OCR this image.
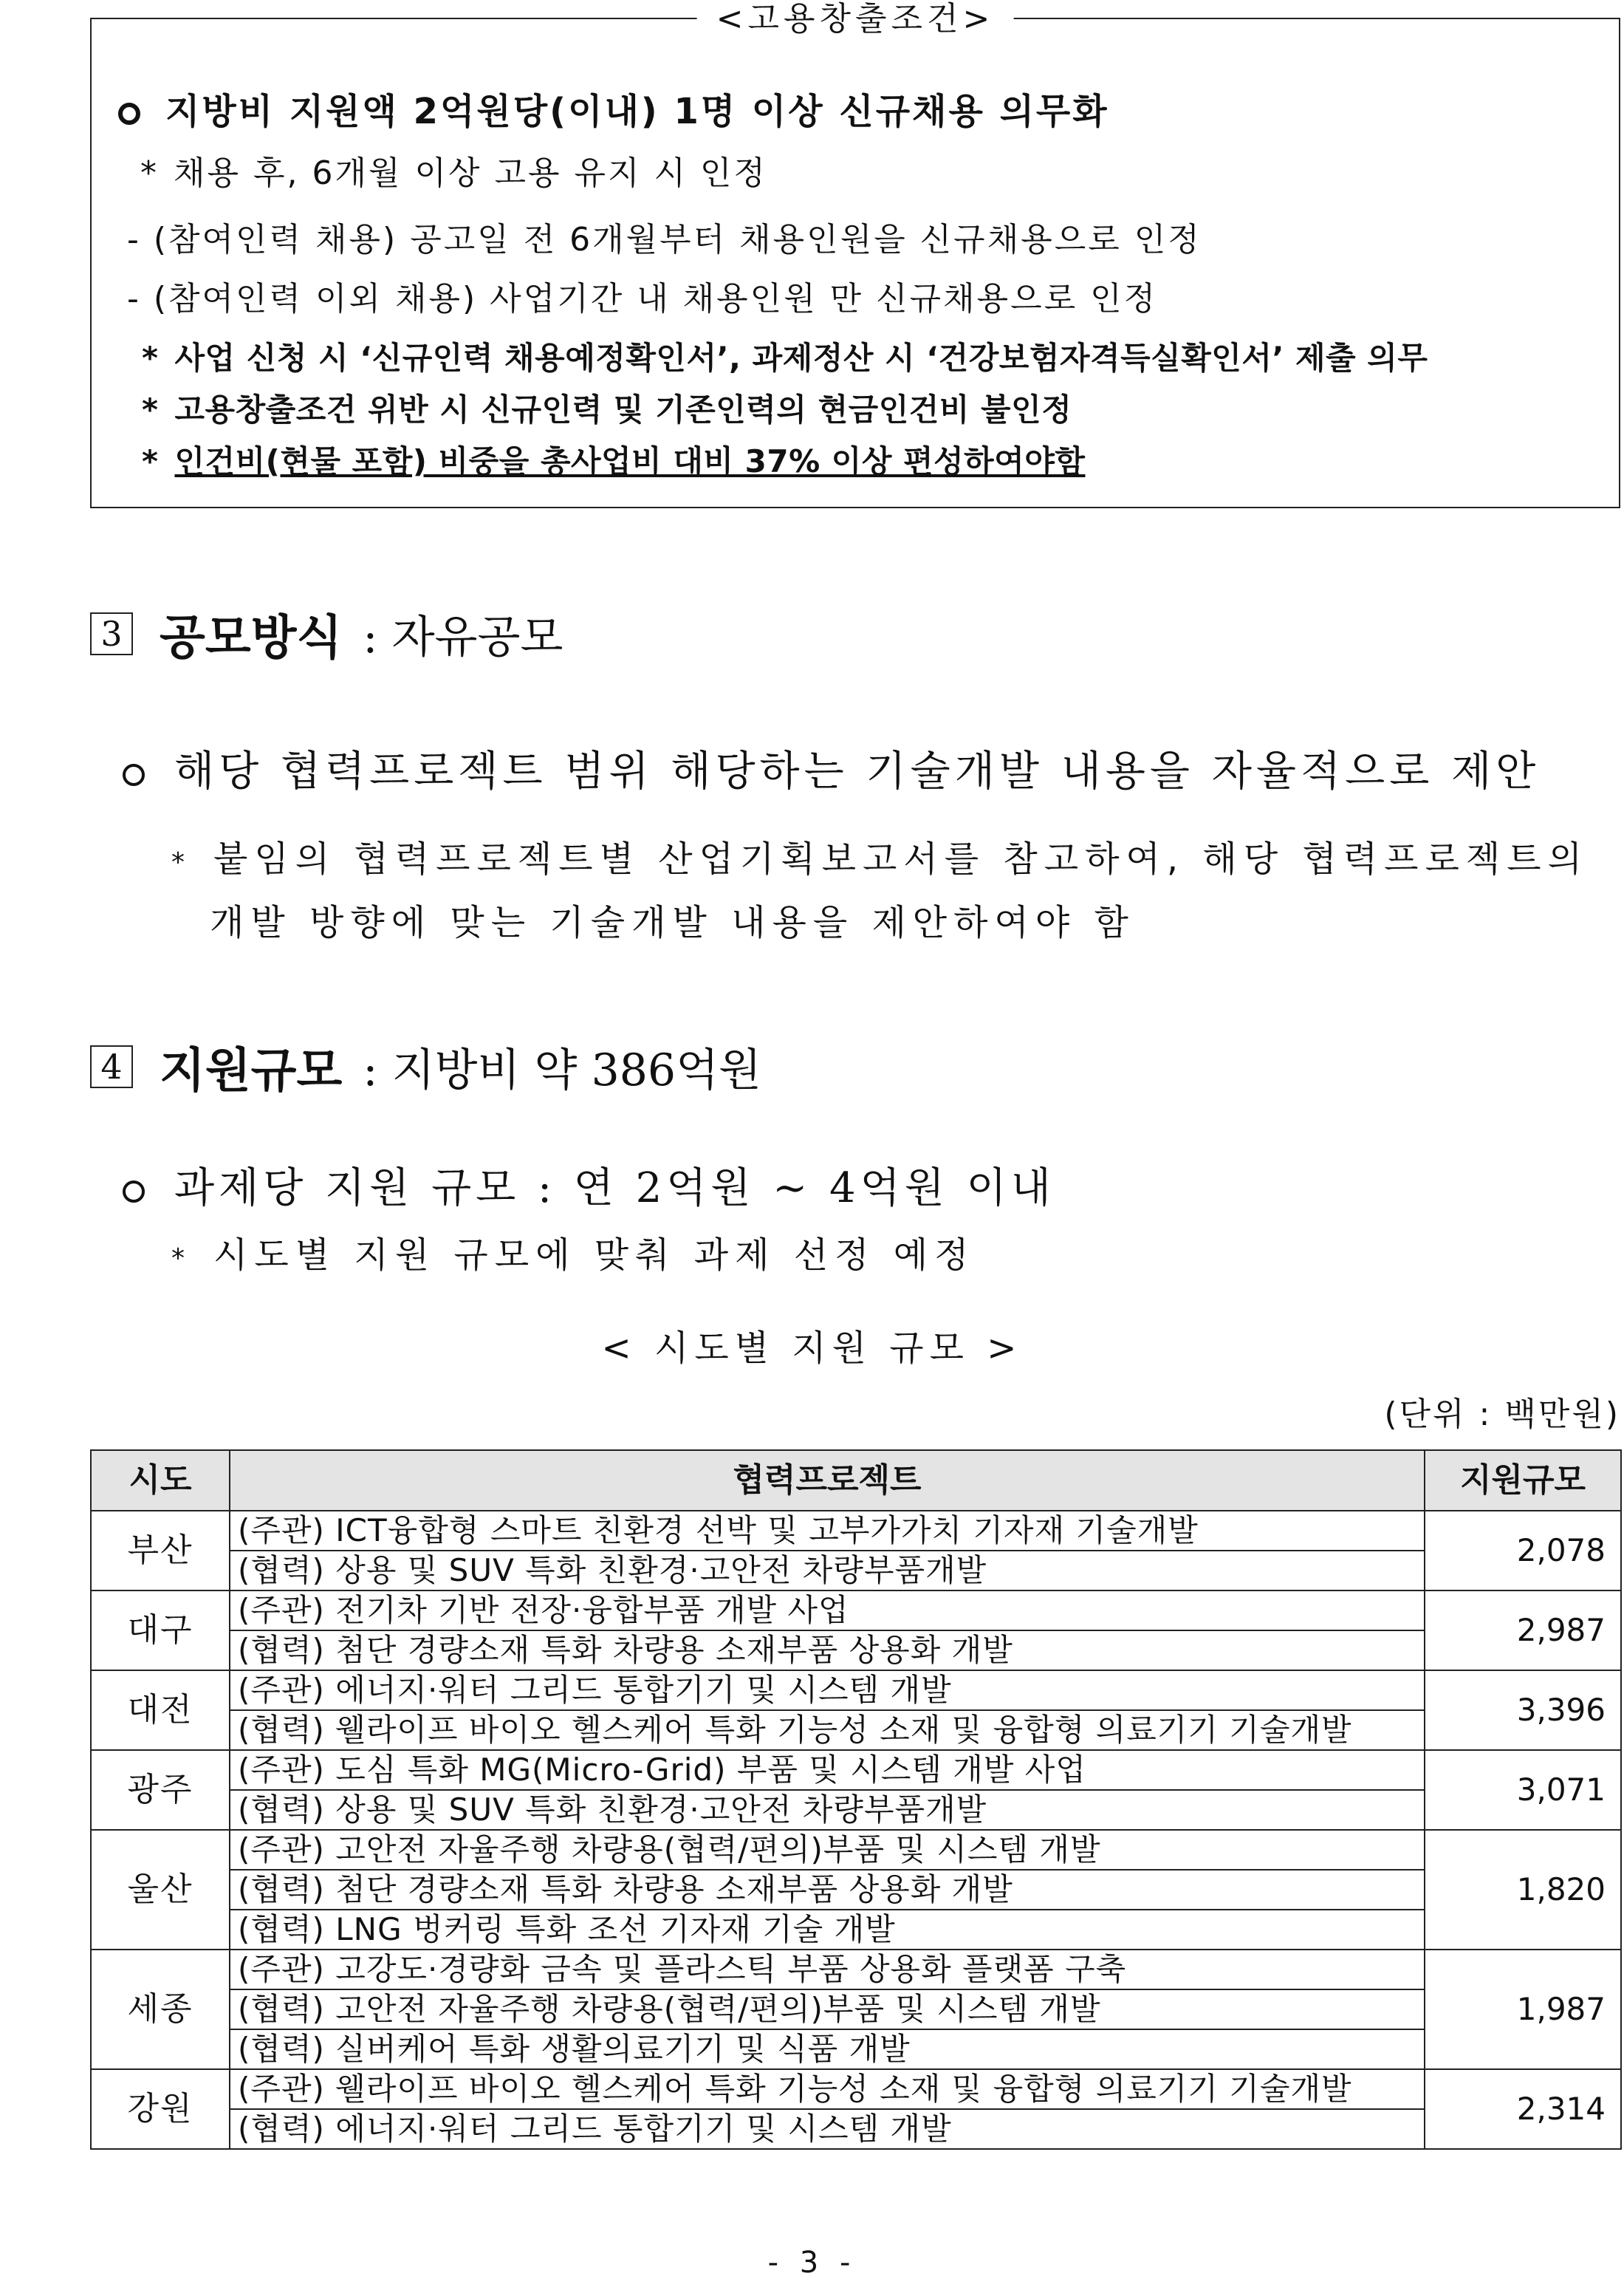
<고용창출조건>
지방비 지원액 2억원당(이내) 1명 이상 신규채용 의무화
* 채용 후, 6개월 이상 고용 유지 시 인정
- (참여인력 채용) 공고일 전 6개월부터 채용인원을 신규채용으로 인정
- (참여인력 이외 채용) 사업기간 내 채용인원 만 신규채용으로 인정
* 사업 신청 시 ‘신규인력 채용예정확인서’, 과제정산 시 ‘건강보험자격득실확인서’ 제출 의무
* 고용창출조건 위반 시 신규인력 및 기존인력의 현금인건비 불인정
* 인건비(현물 포함) 비중을 총사업비 대비 37% 이상 편성하여야함
3 공모방식 : 자유공모
해당 협력프로젝트 범위 해당하는 기술개발 내용을 자율적으로 제안
* 붙임의 협력프로젝트별 산업기획보고서를 참고하여, 해당 협력프로젝트의
개발 방향에 맞는 기술개발 내용을 제안하여야 함
4 지원규모 : 지방비 약 386억원
과제당 지원 규모 : 연 2억원 ~ 4억원 이내
* 시도별 지원 규모에 맞춰 과제 선정 예정
< 시도별 지원 규모 >
(단위 : 백만원)
시도	협력프로젝트	지원규모
부산	(주관) ICT융합형 스마트 친환경 선박 및 고부가가치 기자재 기술개발	2,078
	(협력) 상용 및 SUV 특화 친환경·고안전 차량부품개발	
대구	(주관) 전기차 기반 전장·융합부품 개발 사업	2,987
	(협력) 첨단 경량소재 특화 차량용 소재부품 상용화 개발	
대전	(주관) 에너지·워터 그리드 통합기기 및 시스템 개발	3,396
	(협력) 웰라이프 바이오 헬스케어 특화 기능성 소재 및 융합형 의료기기 기술개발	
광주	(주관) 도심 특화 MG(Micro-Grid) 부품 및 시스템 개발 사업	3,071
	(협력) 상용 및 SUV 특화 친환경·고안전 차량부품개발	
울산	(주관) 고안전 자율주행 차량용(협력/편의)부품 및 시스템 개발	1,820
	(협력) 첨단 경량소재 특화 차량용 소재부품 상용화 개발	
	(협력) LNG 벙커링 특화 조선 기자재 기술 개발	
세종	(주관) 고강도·경량화 금속 및 플라스틱 부품 상용화 플랫폼 구축	1,987
	(협력) 고안전 자율주행 차량용(협력/편의)부품 및 시스템 개발	
	(협력) 실버케어 특화 생활의료기기 및 식품 개발	
강원	(주관) 웰라이프 바이오 헬스케어 특화 기능성 소재 및 융합형 의료기기 기술개발	2,314
	(협력) 에너지·워터 그리드 통합기기 및 시스템 개발	
- 3 -
